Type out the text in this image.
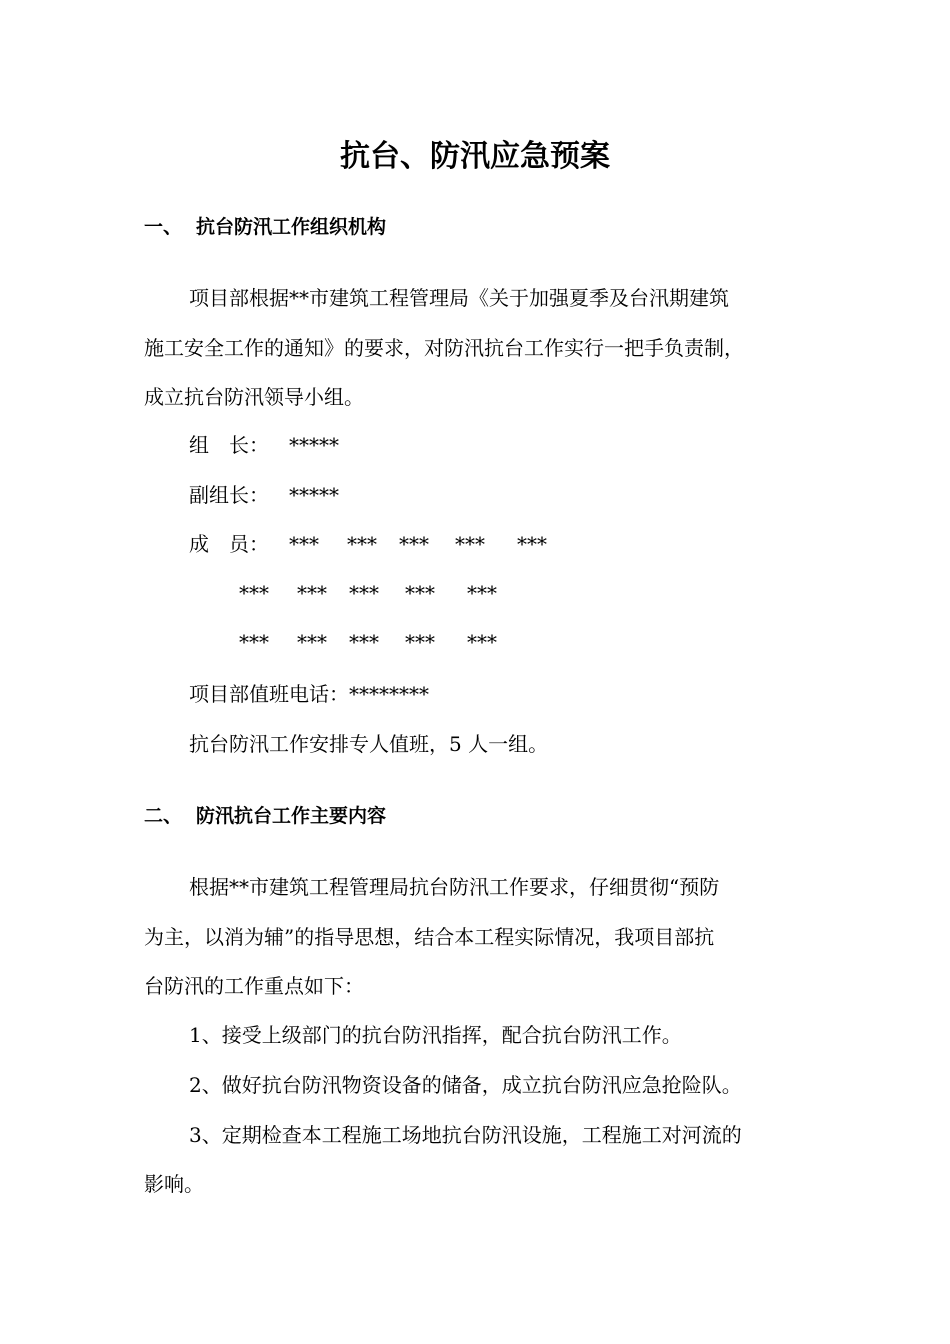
抗台、防汛应急预案
一、 抗台防汛工作组织机构
项目部根据**市建筑工程管理局《关于加强夏季及台汛期建筑
施工安全工作的通知》的要求，对防汛抗台工作实行一把手负责制，
成立抗台防汛领导小组。
组　长： *****
副组长： *****
成　员： *** *** *** *** ***
*** *** *** *** ***
*** *** *** *** ***
项目部值班电话：********
抗台防汛工作安排专人值班，5 人一组。
二、 防汛抗台工作主要内容
根据**市建筑工程管理局抗台防汛工作要求，仔细贯彻“预防
为主，以消为辅”的指导思想，结合本工程实际情况，我项目部抗
台防汛的工作重点如下：
1、接受上级部门的抗台防汛指挥，配合抗台防汛工作。
2、做好抗台防汛物资设备的储备，成立抗台防汛应急抢险队。
3、定期检查本工程施工场地抗台防汛设施，工程施工对河流的
影响。
